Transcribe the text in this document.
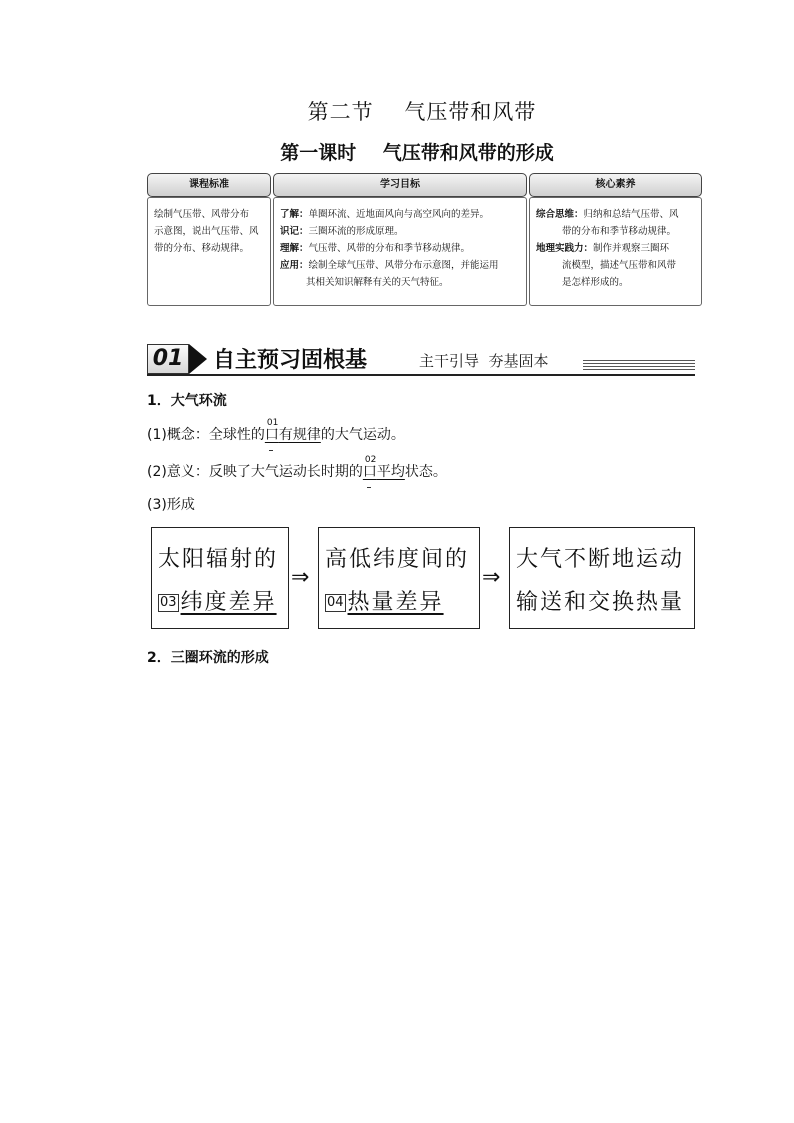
第二节    气压带和风带
第一课时    气压带和风带的形成
课程标准
绘制气压带、风带分布
示意图，说出气压带、风
带的分布、移动规律。
学习目标
了解：单圈环流、近地面风向与高空风向的差异。
识记：三圈环流的形成原理。
理解：气压带、风带的分布和季节移动规律。
应用：绘制全球气压带、风带分布示意图，并能运用
其相关知识解释有关的天气特征。
核心素养
综合思维：归纳和总结气压带、风
带的分布和季节移动规律。
地理实践力：制作并观察三圈环
流模型，描述气压带和风带
是怎样形成的。
01 自主预习固根基	主干引导  夯基固本
1．大气环流
(1)概念：全球性的
01
口有规律的大气运动。
(2)意义：反映了大气运动长时期的
02
口平均状态。
(3)形成
太阳辐射的
03 纬度差异
⇒
高低纬度间的
04 热量差异
⇒
大气不断地运动
输送和交换热量
2．三圈环流的形成
